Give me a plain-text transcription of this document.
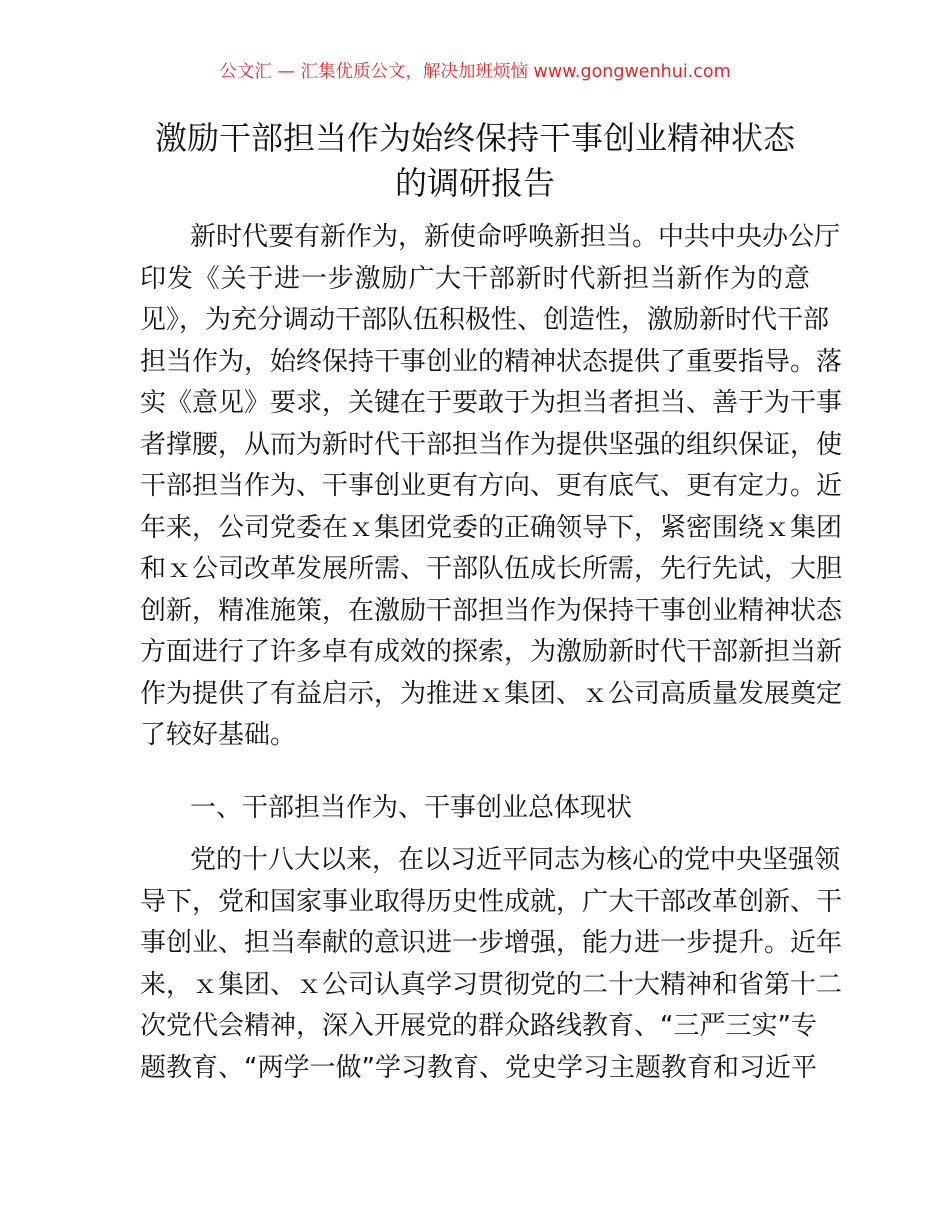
公文汇 — 汇集优质公文，解决加班烦恼 www.gongwenhui.com
激励干部担当作为始终保持干事创业精神状态
的调研报告
新时代要有新作为，新使命呼唤新担当。中共中央办公厅
印发《关于进一步激励广大干部新时代新担当新作为的意
见》，为充分调动干部队伍积极性、创造性，激励新时代干部
担当作为，始终保持干事创业的精神状态提供了重要指导。落
实《意见》要求，关键在于要敢于为担当者担当、善于为干事
者撑腰，从而为新时代干部担当作为提供坚强的组织保证，使
干部担当作为、干事创业更有方向、更有底气、更有定力。近
年来，公司党委在ｘ集团党委的正确领导下，紧密围绕ｘ集团
和ｘ公司改革发展所需、干部队伍成长所需，先行先试，大胆
创新，精准施策，在激励干部担当作为保持干事创业精神状态
方面进行了许多卓有成效的探索，为激励新时代干部新担当新
作为提供了有益启示，为推进ｘ集团、ｘ公司高质量发展奠定
了较好基础。
一、干部担当作为、干事创业总体现状
党的十八大以来，在以习近平同志为核心的党中央坚强领
导下，党和国家事业取得历史性成就，广大干部改革创新、干
事创业、担当奉献的意识进一步增强，能力进一步提升。近年
来，ｘ集团、ｘ公司认真学习贯彻党的二十大精神和省第十二
次党代会精神，深入开展党的群众路线教育、“三严三实”专
题教育、“两学一做”学习教育、党史学习主题教育和习近平
